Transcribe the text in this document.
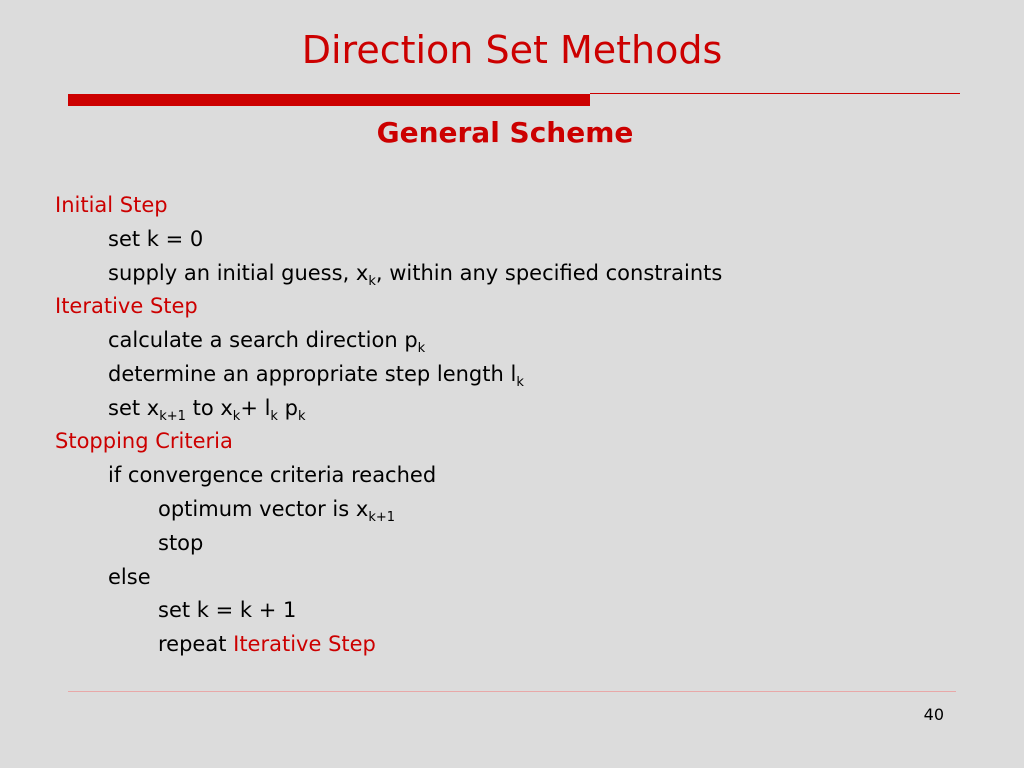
Direction Set Methods
General Scheme
Initial Step
set k = 0
supply an initial guess, $x_k$, within any specified constraints
Iterative Step
calculate a search direction $p_k$
determine an appropriate step length $l_k$
set $x_{k+1}$ to $x_k+ l_k$ $p_k$
Stopping Criteria
if convergence criteria reached
optimum vector is $x_{k+1}$
stop
else
set k = k + 1
repeat Iterative Step
40
